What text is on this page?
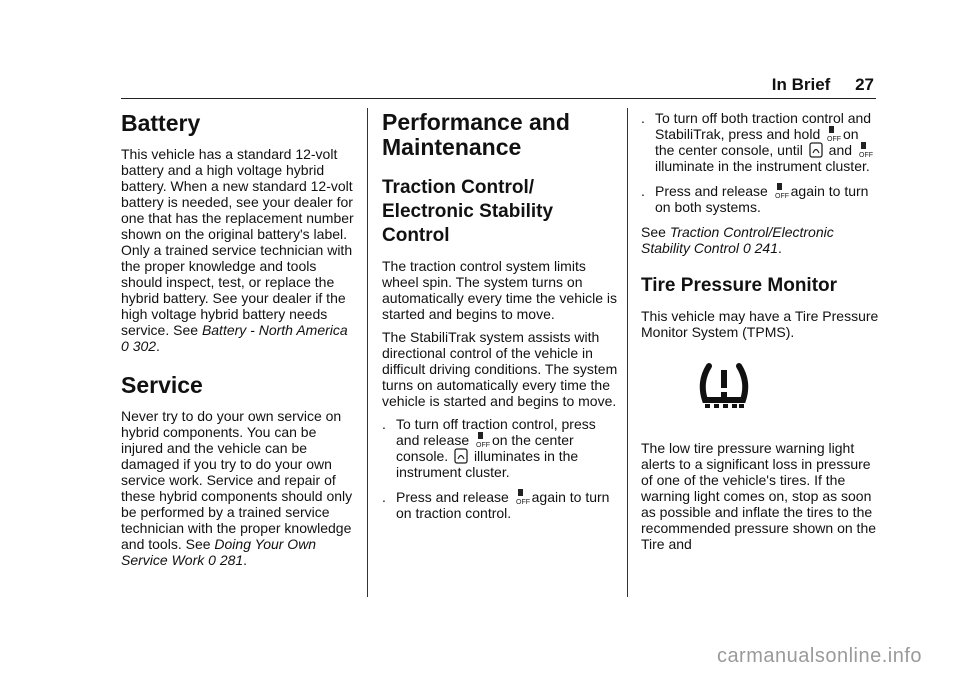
In Brief 27
Battery

This vehicle has a standard 12-volt battery and a high voltage hybrid battery. When a new standard 12-volt battery is needed, see your dealer for one that has the replacement number shown on the original battery's label. Only a trained service technician with the proper knowledge and tools should inspect, test, or replace the hybrid battery. See your dealer if the high voltage hybrid battery needs service. See Battery - North America 0 302.

Service

Never try to do your own service on hybrid components. You can be injured and the vehicle can be damaged if you try to do your own service work. Service and repair of these hybrid components should only be performed by a trained service technician with the proper knowledge and tools. See Doing Your Own Service Work 0 281.

Performance and Maintenance
Traction Control/ Electronic Stability Control

The traction control system limits wheel spin. The system turns on automatically every time the vehicle is started and begins to move.

The StabiliTrak system assists with directional control of the vehicle in difficult driving conditions. The system turns on automatically every time the vehicle is started and begins to move.

. To turn off traction control, press and release OFF on the center console. illuminates in the instrument cluster.
. Press and release OFF again to turn on traction control.
. To turn off both traction control and StabiliTrak, press and hold OFF on the center console, until and OFF
illuminate in the instrument cluster.
. Press and release OFF again to turn on both systems.

See Traction Control/Electronic Stability Control 0 241.

Tire Pressure Monitor

This vehicle may have a Tire Pressure Monitor System (TPMS).

The low tire pressure warning light alerts to a significant loss in pressure of one of the vehicle's tires. If the warning light comes on, stop as soon as possible and inflate the tires to the recommended pressure shown on the Tire and

carmanualsonline.info
